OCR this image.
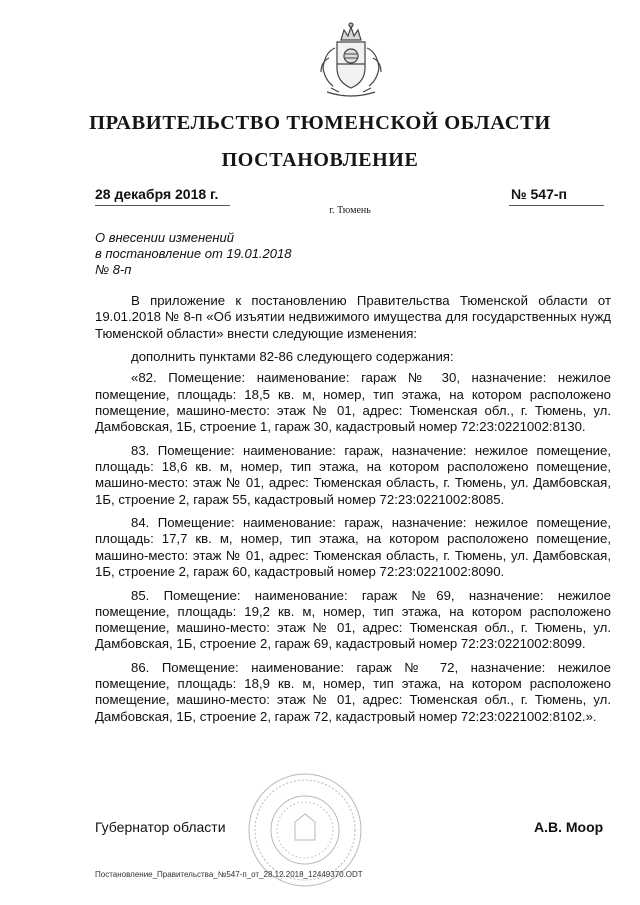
ПРАВИТЕЛЬСТВО ТЮМЕНСКОЙ ОБЛАСТИ
ПОСТАНОВЛЕНИЕ
28 декабря 2018 г.	№ 547-п
г. Тюмень
О внесении изменений
в постановление от 19.01.2018
№ 8-п

В приложение к постановлению Правительства Тюменской области от 19.01.2018 № 8-п «Об изъятии недвижимого имущества для государственных нужд Тюменской области» внести следующие изменения:

дополнить пунктами 82-86 следующего содержания:

«82. Помещение: наименование: гараж № 30, назначение: нежилое помещение, площадь: 18,5 кв. м, номер, тип этажа, на котором расположено помещение, машино-место: этаж № 01, адрес: Тюменская обл., г. Тюмень, ул. Дамбовская, 1Б, строение 1, гараж 30, кадастровый номер 72:23:0221002:8130.

83. Помещение: наименование: гараж, назначение: нежилое помещение, площадь: 18,6 кв. м, номер, тип этажа, на котором расположено помещение, машино-место: этаж № 01, адрес: Тюменская область, г. Тюмень, ул. Дамбовская, 1Б, строение 2, гараж 55, кадастровый номер 72:23:0221002:8085.

84. Помещение: наименование: гараж, назначение: нежилое помещение, площадь: 17,7 кв. м, номер, тип этажа, на котором расположено помещение, машино-место: этаж № 01, адрес: Тюменская область, г. Тюмень, ул. Дамбовская, 1Б, строение 2, гараж 60, кадастровый номер 72:23:0221002:8090.

85. Помещение: наименование: гараж №69, назначение: нежилое помещение, площадь: 19,2 кв. м, номер, тип этажа, на котором расположено помещение, машино-место: этаж № 01, адрес: Тюменская обл., г. Тюмень, ул. Дамбовская, 1Б, строение 2, гараж 69, кадастровый номер 72:23:0221002:8099.

86. Помещение: наименование: гараж № 72, назначение: нежилое помещение, площадь: 18,9 кв. м, номер, тип этажа, на котором расположено помещение, машино-место: этаж № 01, адрес: Тюменская обл., г. Тюмень, ул. Дамбовская, 1Б, строение 2, гараж 72, кадастровый номер 72:23:0221002:8102.».

Губернатор области	А.В. Моор
Постановление_Правительства_№547-п_от_28.12.2018_12449370.ODT
